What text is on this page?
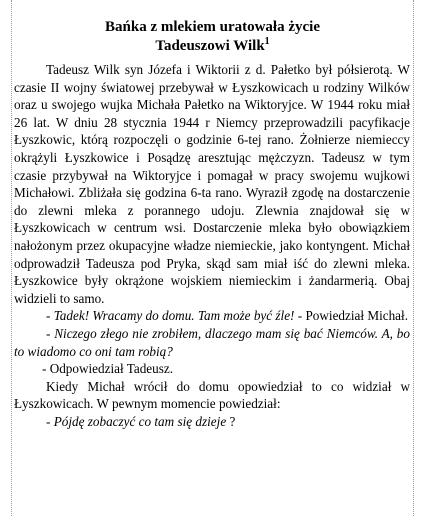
Bańka z mlekiem uratowała życie
Tadeuszowi Wilk$^1$

Tadeusz Wilk syn Józefa i Wiktorii z d. Pałetko był półsierotą. W czasie II wojny światowej przebywał w Łyszkowicach u rodziny Wilków oraz u swojego wujka Michała Pałetko na Wiktoryjce. W 1944 roku miał 26 lat. W dniu 28 stycznia 1944 r Niemcy przeprowadzili pacyfikacje Łyszkowic, którą rozpoczęli o godzinie 6-tej rano. Żołnierze niemieccy okrążyli Łyszkowice i Posądzę aresztując mężczyzn. Tadeusz w tym czasie przybywał na Wiktoryjce i pomagał w pracy swojemu wujkowi Michałowi. Zbliżała się godzina 6-ta rano. Wyraził zgodę na dostarczenie do zlewni mleka z porannego udoju. Zlewnia znajdował się w Łyszkowicach w centrum wsi. Dostarczenie mleka było obowiązkiem nałożonym przez okupacyjne władze niemieckie, jako kontyngent. Michał odprowadził Tadeusza pod Pryka, skąd sam miał iść do zlewni mleka. Łyszkowice były okrążone wojskiem niemieckim i żandarmerią. Obaj widzieli to samo.

- Tadek! Wracamy do domu. Tam może być źle! - Powiedział Michał.

- Niczego złego nie zrobiłem, dlaczego mam się bać Niemców. A, bo to wiadomo co oni tam robią?

- Odpowiedział Tadeusz.

Kiedy Michał wrócił do domu opowiedział to co widział w Łyszkowicach. W pewnym momencie powiedział:

- Pójdę zobaczyć co tam się dzieje ?
